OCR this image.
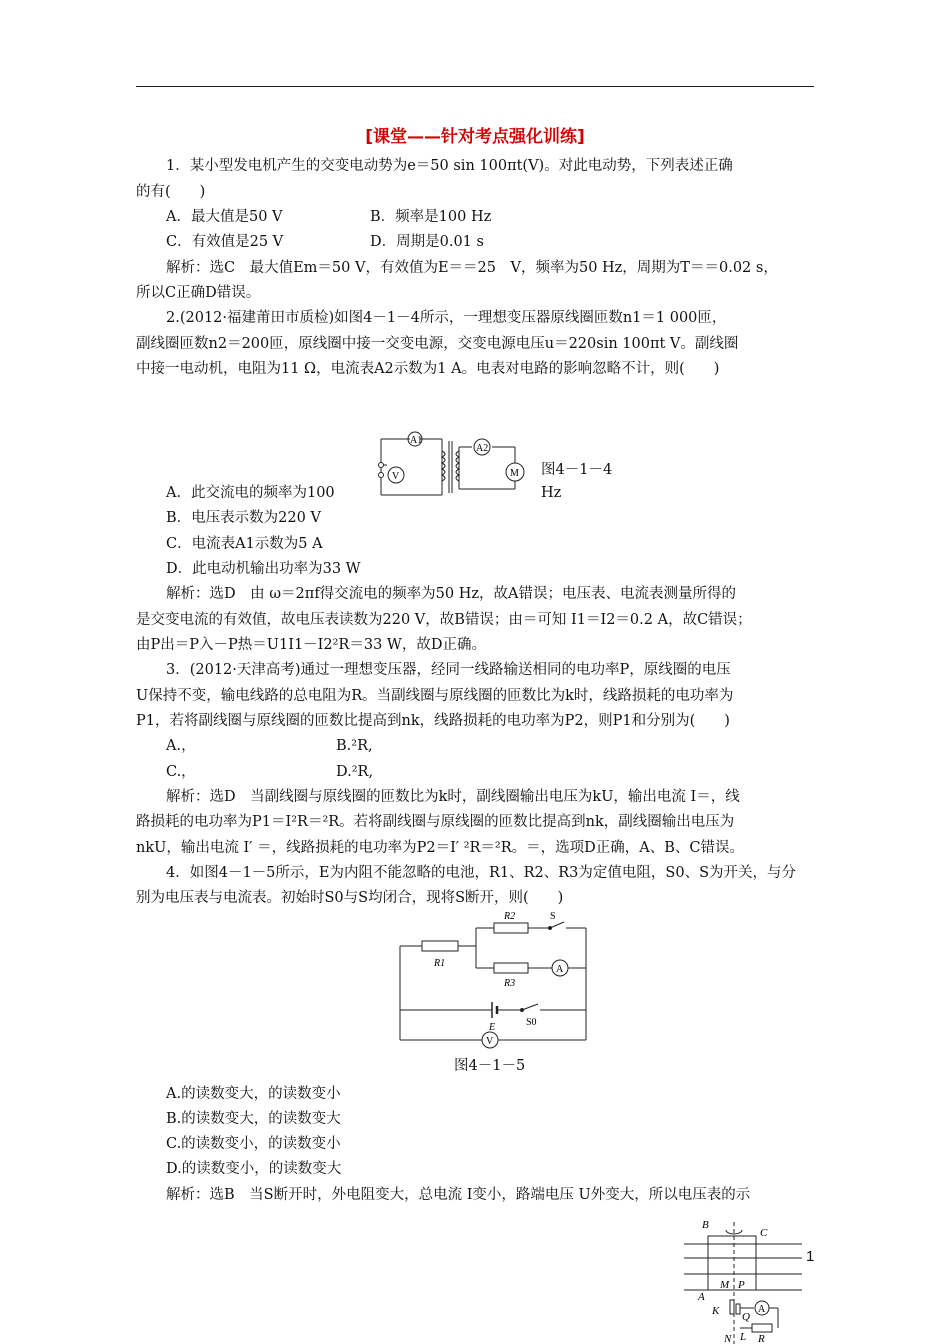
[课堂——针对考点强化训练]
1．某小型发电机产生的交变电动势为e＝50 sin 100πt(V)。对此电动势，下列表述正确
的有(　　)
A．最大值是50 V	B．频率是100 Hz
C．有效值是25 V	D．周期是0.01 s
解析：选C　最大值Em＝50 V，有效值为E＝＝25　V，频率为50 Hz，周期为T＝＝0.02 s，
所以C正确D错误。
2.(2012·福建莆田市质检)如图4－1－4所示，一理想变压器原线圈匝数n1＝1 000匝，
副线圈匝数n2＝200匝，原线圈中接一交变电源，交变电源电压u＝220sin 100πt V。副线圈
中接一电动机，电阻为11 Ω，电流表A2示数为1 A。电表对电路的影响忽略不计，则(　　)
A1
A2
V	M 图4－1－4
A．此交流电的频率为100	Hz
B．电压表示数为220 V
C．电流表A1示数为5 A
D．此电动机输出功率为33 W
解析：选D　由 ω＝2πf得交流电的频率为50 Hz，故A错误；电压表、电流表测量所得的
是交变电流的有效值，故电压表读数为220 V，故B错误；由＝可知 I1＝I2＝0.2 A，故C错误；
由P出＝P入－P热＝U1I1－I2²R＝33 W，故D正确。
3．(2012·天津高考)通过一理想变压器，经同一线路输送相同的电功率P，原线圈的电压
U保持不变，输电线路的总电阻为R。当副线圈与原线圈的匝数比为k时，线路损耗的电功率为
P1，若将副线圈与原线圈的匝数比提高到nk，线路损耗的电功率为P2，则P1和分别为(　　)
A.，	B.²R,
C.，	D.²R,
解析：选D　当副线圈与原线圈的匝数比为k时，副线圈输出电压为kU，输出电流 I＝，线
路损耗的电功率为P1＝I²R＝²R。若将副线圈与原线圈的匝数比提高到nk，副线圈输出电压为
nkU，输出电流 I′ ＝，线路损耗的电功率为P2＝I′ ²R＝²R。＝，选项D正确，A、B、C错误。
4．如图4－1－5所示，E为内阻不能忽略的电池，R1、R2、R3为定值电阻，S0、S为开关，与分
别为电压表与电流表。初始时S0与S均闭合，现将S断开，则(　　)
R2	S
R1
R3
A
E	S0
V
图4－1－5
A.的读数变大，的读数变小
B.的读数变大，的读数变大
C.的读数变小，的读数变小
D.的读数变小，的读数变大
解析：选B　当S断开时，外电阻变大，总电流 I变小，路端电压 U外变大，所以电压表的示
B
C
A
M P
K Q
A
N L R
1
